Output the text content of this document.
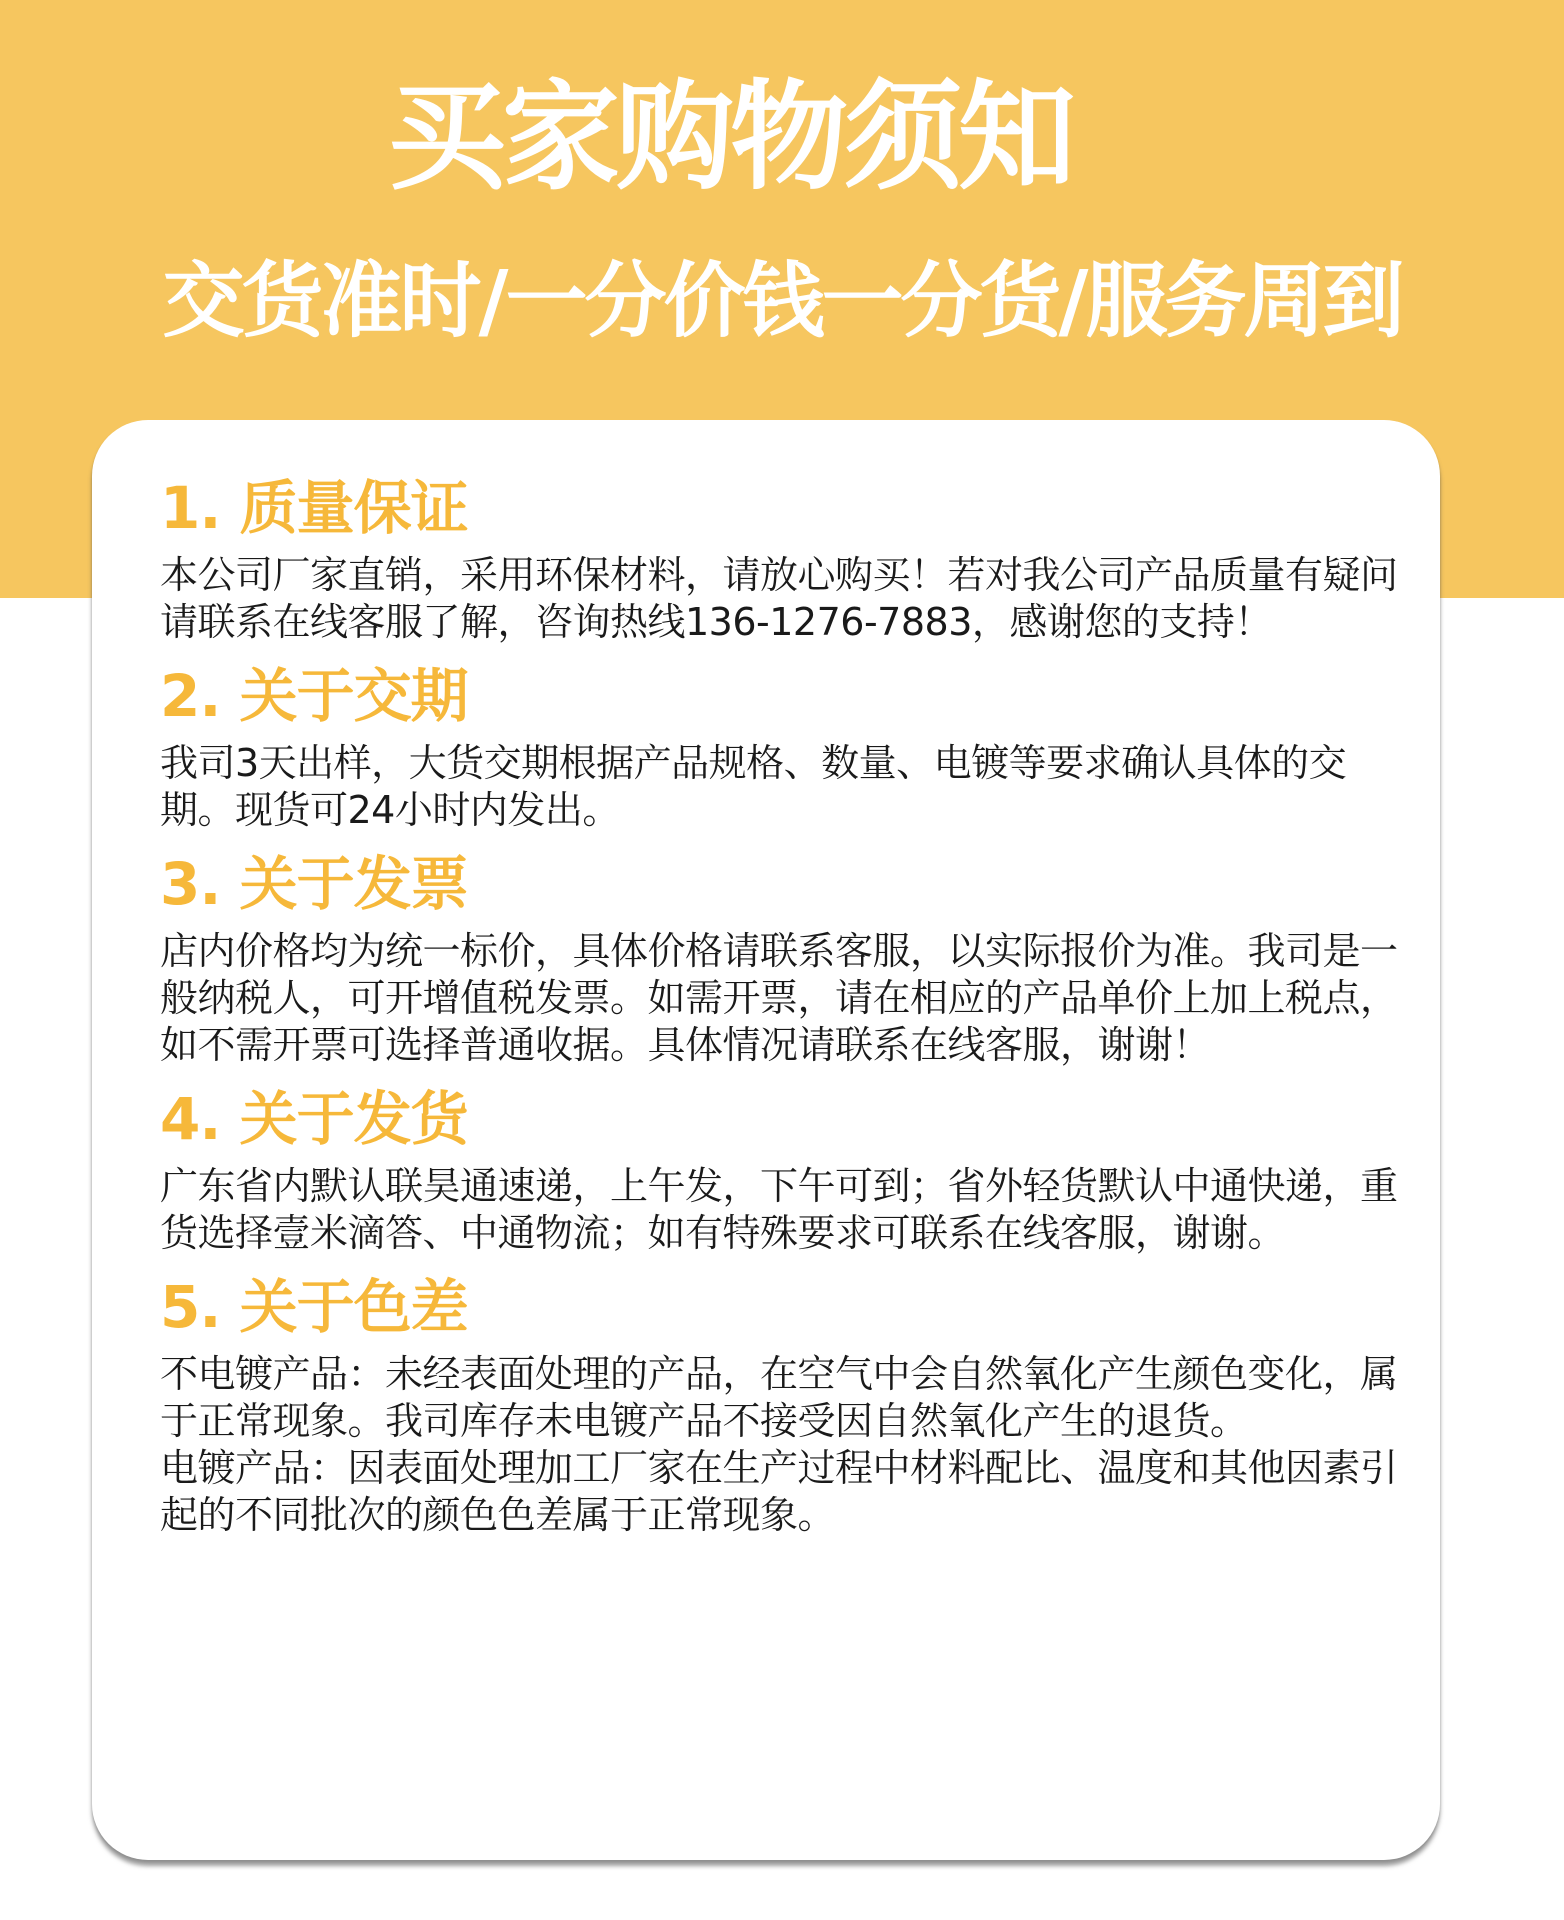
买家购物须知
交货准时/一分价钱一分货/服务周到
1. 质量保证

本公司厂家直销，采用环保材料，请放心购买！若对我公司产品质量有疑问请联系在线客服了解，咨询热线136-1276-7883，感谢您的支持！

2. 关于交期

我司3天出样，大货交期根据产品规格、数量、电镀等要求确认具体的交期。现货可24小时内发出。

3. 关于发票

店内价格均为统一标价，具体价格请联系客服，以实际报价为准。我司是一般纳税人，可开增值税发票。如需开票，请在相应的产品单价上加上税点，如不需开票可选择普通收据。具体情况请联系在线客服，谢谢！

4. 关于发货

广东省内默认联昊通速递，上午发，下午可到；省外轻货默认中通快递，重货选择壹米滴答、中通物流；如有特殊要求可联系在线客服，谢谢。

5. 关于色差

不电镀产品：未经表面处理的产品，在空气中会自然氧化产生颜色变化，属于正常现象。我司库存未电镀产品不接受因自然氧化产生的退货。

电镀产品：因表面处理加工厂家在生产过程中材料配比、温度和其他因素引起的不同批次的颜色色差属于正常现象。
